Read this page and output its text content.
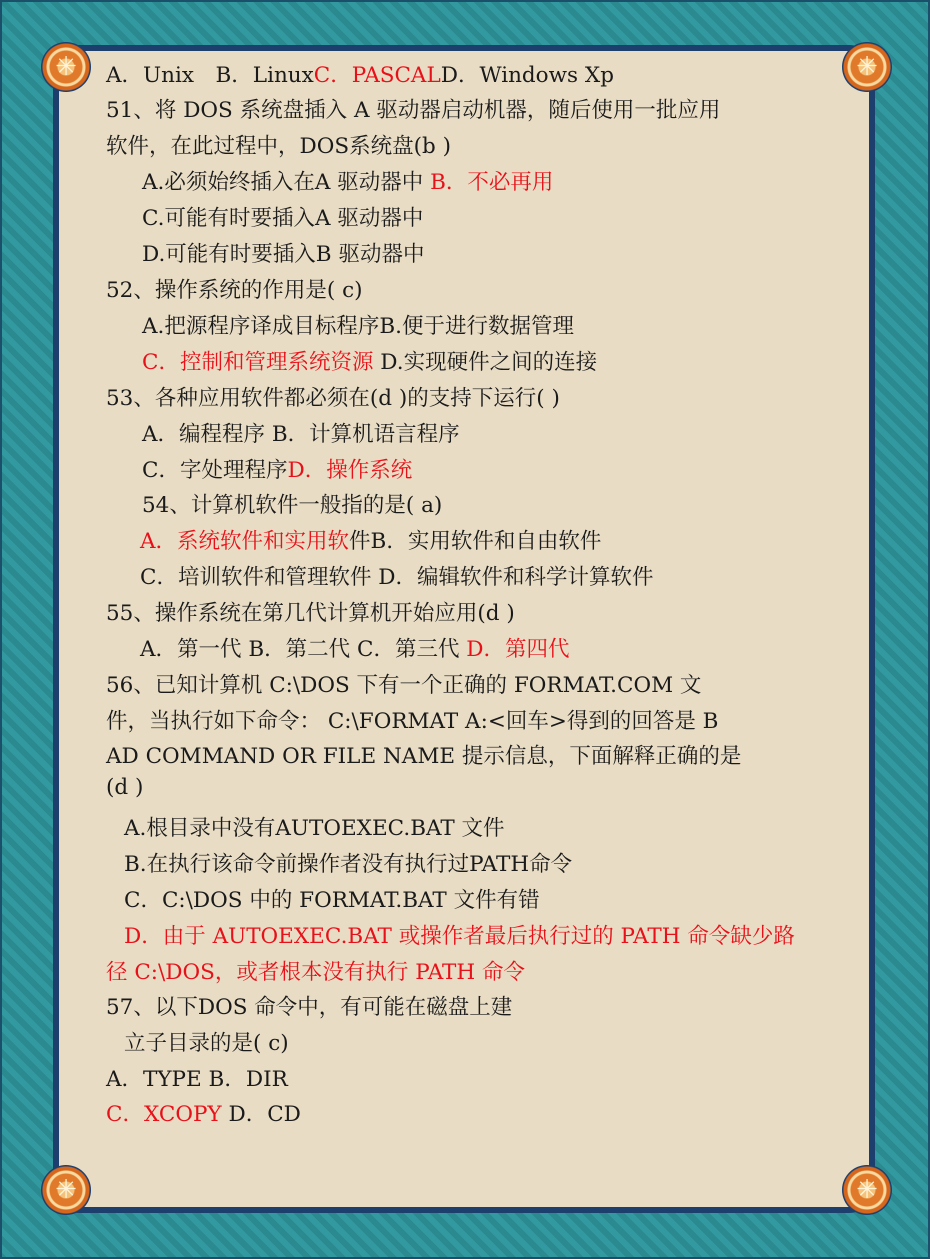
✳	✳
✳	✳
A．Unix　B．LinuxC．PASCALD．Windows Xp
51、将 DOS 系统盘插入 A 驱动器启动机器，随后使用一批应用
软件，在此过程中，DOS系统盘(b )
A.必须始终插入在A 驱动器中 B．不必再用
C.可能有时要插入A 驱动器中
D.可能有时要插入B 驱动器中
52、操作系统的作用是( c)
A.把源程序译成目标程序B.便于进行数据管理
C．控制和管理系统资源 D.实现硬件之间的连接
53、各种应用软件都必须在(d )的支持下运行( )
A．编程程序 B．计算机语言程序
C．字处理程序D．操作系统
54、计算机软件一般指的是( a)
A．系统软件和实用软件B．实用软件和自由软件
C．培训软件和管理软件 D．编辑软件和科学计算软件
55、操作系统在第几代计算机开始应用(d )
A．第一代 B．第二代 C．第三代 D．第四代
56、已知计算机 C:\DOS 下有一个正确的 FORMAT.COM 文
件，当执行如下命令： C:\FORMAT A:<回车>得到的回答是 B
AD COMMAND OR FILE NAME 提示信息，下面解释正确的是
(d )
A.根目录中没有AUTOEXEC.BAT 文件
B.在执行该命令前操作者没有执行过PATH命令
C．C:\DOS 中的 FORMAT.BAT 文件有错
D．由于 AUTOEXEC.BAT 或操作者最后执行过的 PATH 命令缺少路
径 C:\DOS，或者根本没有执行 PATH 命令
57、以下DOS 命令中，有可能在磁盘上建
立子目录的是( c)
A．TYPE B．DIR
C．XCOPY D．CD
